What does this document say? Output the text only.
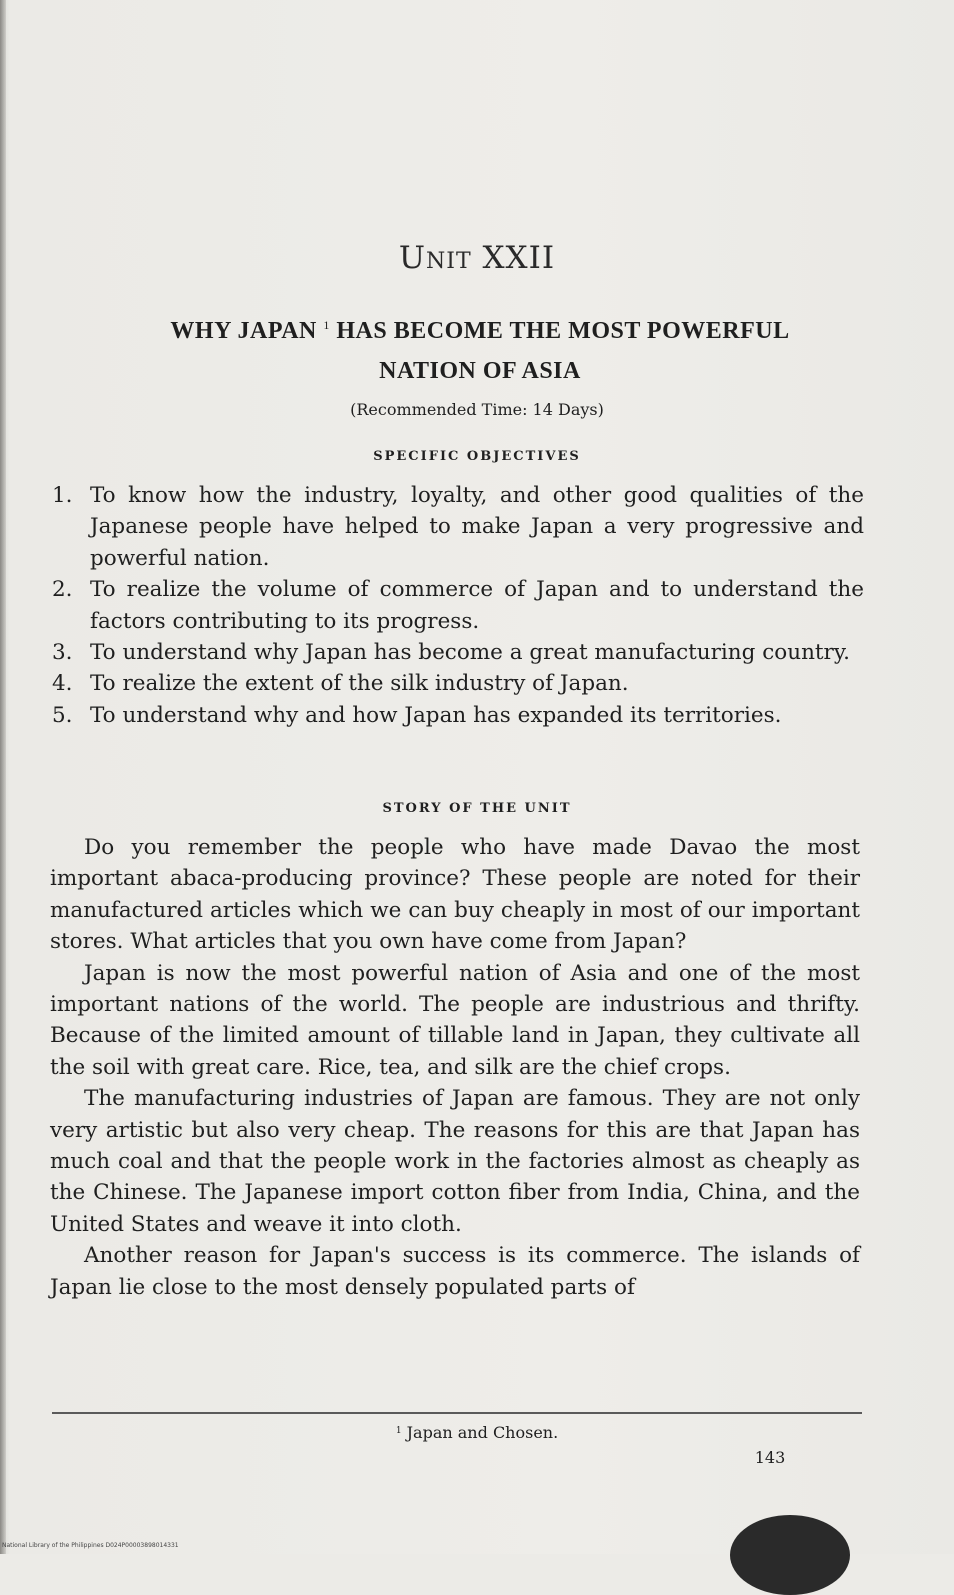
Unit XXII
WHY JAPAN $^1$ HAS BECOME THE MOST POWERFUL
NATION OF ASIA
(Recommended Time: 14 Days)
SPECIFIC OBJECTIVES
1. To know how the industry, loyalty, and other good qualities of the Japanese people have helped to make Japan a very progressive and powerful nation.
2. To realize the volume of commerce of Japan and to understand the factors contributing to its progress.
3. To understand why Japan has become a great manufacturing country.
4. To realize the extent of the silk industry of Japan.
5. To understand why and how Japan has expanded its territories.
STORY OF THE UNIT

Do you remember the people who have made Davao the most important abaca-producing province? These people are noted for their manufactured articles which we can buy cheaply in most of our important stores. What articles that you own have come from Japan?

Japan is now the most powerful nation of Asia and one of the most important nations of the world. The people are industrious and thrifty. Because of the limited amount of tillable land in Japan, they cultivate all the soil with great care. Rice, tea, and silk are the chief crops.

The manufacturing industries of Japan are famous. They are not only very artistic but also very cheap. The reasons for this are that Japan has much coal and that the people work in the factories almost as cheaply as the Chinese. The Japanese import cotton fiber from India, China, and the United States and weave it into cloth.

Another reason for Japan's success is its commerce. The islands of Japan lie close to the most densely populated parts of

$^1$ Japan and Chosen.
143
National Library of the Philippines D024P00003898014331
